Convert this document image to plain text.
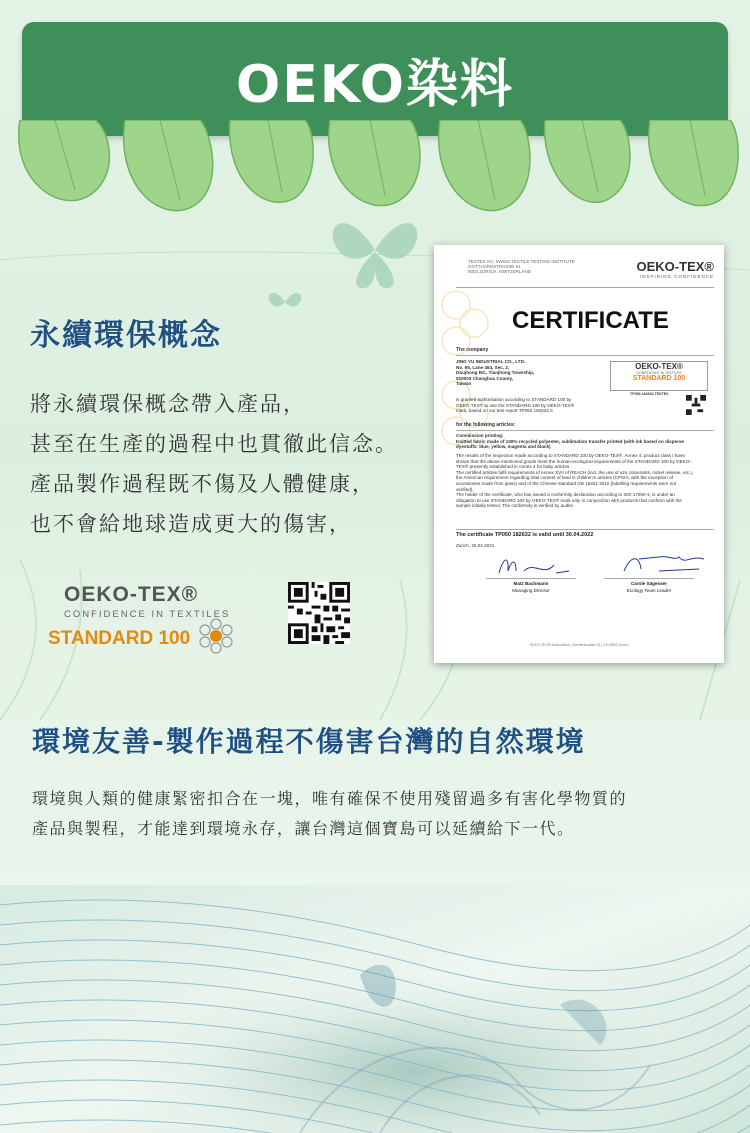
OEKO染料
永續環保概念

將永續環保概念帶入產品，

甚至在生產的過程中也貫徹此信念。

產品製作過程既不傷及人體健康，

也不會給地球造成更大的傷害，

OEKO-TEX®
CONFIDENCE IN TEXTILES
STANDARD 100
TESTEX AG, SWISS TEXTILE TESTING INSTITUTE
GOTTHARDSTRASSE 61
8002 ZÜRICH, SWITZERLAND	OEKO-TEX®
INSPIRING CONFIDENCE
CERTIFICATE
The company
JING YU INDUSTRIAL CO., LTD.
No. 65, Lane 464, Sec. 2,
Doujhong Rd., Tianjhong Township,
520003 Changhua County,
Taiwan
OEKO-TEX®
CONFIDENCE IN TEXTILES
STANDARD 100
TP050 182632 TESTEX
is granted authorisation according to STANDARD 100 by
OEKO-TEX® to use the STANDARD 100 by OEKO-TEX®
mark, based on our test report TP050 182632.3
for the following articles:
Commission printing:
Knitted fabric made of 100% recycled polyester, sublimation transfer printed (with ink based on disperse
dyestuffs: blue, yellow, magenta and black)
The results of the inspection made according to STANDARD 100 by OEKO-TEX®, Annex 4, product class I have
shown that the above mentioned goods meet the human-ecological requirements of the STANDARD 100 by OEKO-
TEX® presently established in Annex 4 for baby articles.
The certified articles fulfil requirements of Annex XVII of REACH (incl. the use of azo colourants, nickel release, etc.),
the American requirement regarding total content of lead in children's articles (CPSIA; with the exception of
accessories made from glass) and of the Chinese standard GB 18401:2010 (labelling requirements were not
verified).
The holder of the certificate, who has issued a conformity declaration according to ISO 17050-1, is under an
obligation to use STANDARD 100 by OEKO-TEX® mark only in conjunction with products that conform with the
sample initially tested. The conformity is verified by audits.
The certificate TP050 182632 is valid until 30.04.2022
Zurich, 20.04.2021
Matz Bachmann
Managing Director
Carole Sägesser
Ecology Team Leader
OEKO-TEX® Association | Genferstrasse 23 | CH-8002 Zurich
環境友善-製作過程不傷害台灣的自然環境

環境與人類的健康緊密扣合在一塊，唯有確保不使用殘留過多有害化學物質的

產品與製程，才能達到環境永存，讓台灣這個寶島可以延續給下一代。
